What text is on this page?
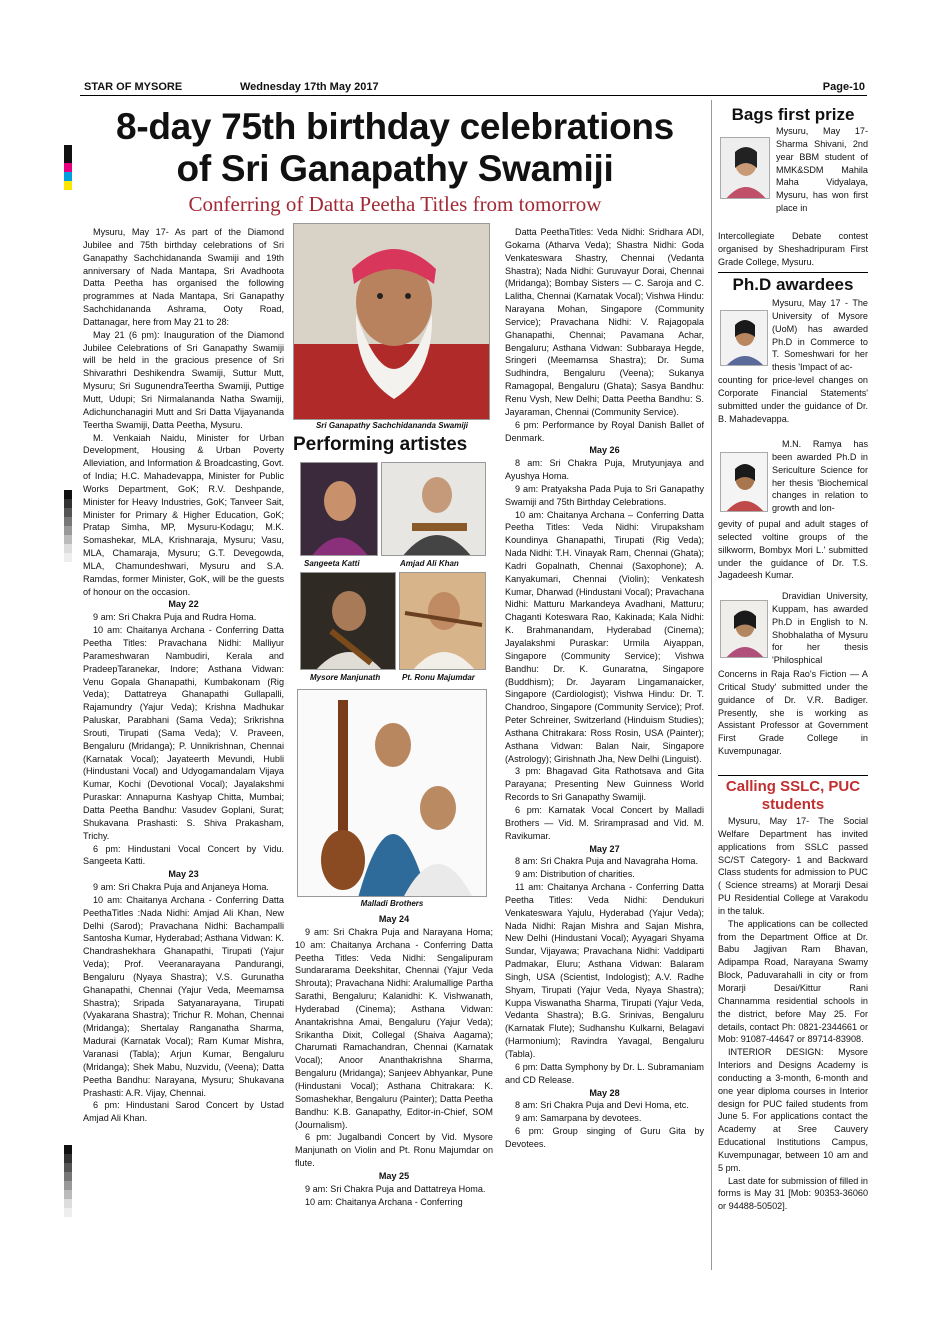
STAR OF MYSORE	Wednesday 17th May 2017	Page-10
8-day 75th birthday celebrations
of Sri Ganapathy Swamiji
Conferring of Datta Peetha Titles from tomorrow

Mysuru, May 17- As part of the Diamond Jubilee and 75th birthday celebrations of Sri Ganapathy Sachchidananda Swamiji and 19th anniversary of Nada Mantapa, Sri Avadhoota Datta Peetha has organised the following programmes at Nada Mantapa, Sri Ganapathy Sachchidananda Ashrama, Ooty Road, Dattanagar, here from May 21 to 28:

May 21 (6 pm): Inauguration of the Diamond Jubilee Celebrations of Sri Ganapathy Swamiji will be held in the gracious presence of Sri Shivarathri Deshikendra Swamiji, Suttur Mutt, Mysuru; Sri SugunendraTeertha Swamiji, Puttige Mutt, Udupi; Sri Nirmalananda Natha Swamiji, Adichunchanagiri Mutt and Sri Datta Vijayananda Teertha Swamiji, Datta Peetha, Mysuru.

M. Venkaiah Naidu, Minister for Urban Development, Housing & Urban Poverty Alleviation, and Information & Broadcasting, Govt. of India; H.C. Mahadevappa, Minister for Public Works Department, GoK; R.V. Deshpande, Minister for Heavy Industries, GoK; Tanveer Sait, Minister for Primary & Higher Education, GoK; Pratap Simha, MP, Mysuru-Kodagu; M.K. Somashekar, MLA, Krishnaraja, Mysuru; Vasu, MLA, Chamaraja, Mysuru; G.T. Devegowda, MLA, Chamundeshwari, Mysuru and S.A. Ramdas, former Minister, GoK, will be the guests of honour on the occasion.

May 22

9 am: Sri Chakra Puja and Rudra Homa.

10 am: Chaitanya Archana - Conferring Datta Peetha Titles: Pravachana Nidhi: Malliyur Parameshwaran Nambudiri, Kerala and PradeepTaranekar, Indore; Asthana Vidwan: Venu Gopala Ghanapathi, Kumbakonam (Rig Veda); Dattatreya Ghanapathi Gullapalli, Rajamundry (Yajur Veda); Krishna Madhukar Paluskar, Parabhani (Sama Veda); Srikrishna Srouti, Tirupati (Sama Veda); V. Praveen, Bengaluru (Mridanga); P. Unnikrishnan, Chennai (Karnatak Vocal); Jayateerth Mevundi, Hubli (Hindustani Vocal) and Udyogamandalam Vijaya Kumar, Kochi (Devotional Vocal); Jayalakshmi Puraskar: Annapurna Kashyap Chitta, Mumbai; Datta Peetha Bandhu: Vasudev Goplani, Surat; Shukavana Prashasti: S. Shiva Prakasham, Trichy.

6 pm: Hindustani Vocal Concert by Vidu. Sangeeta Katti.

May 23

9 am: Sri Chakra Puja and Anjaneya Homa.

10 am: Chaitanya Archana - Conferring Datta PeethaTitles :Nada Nidhi: Amjad Ali Khan, New Delhi (Sarod); Pravachana Nidhi: Bachampalli Santosha Kumar, Hyderabad; Asthana Vidwan: K. Chandrashekhara Ghanapathi, Tirupati (Yajur Veda); Prof. Veeranarayana Pandurangi, Bengaluru (Nyaya Shastra); V.S. Gurunatha Ghanapathi, Chennai (Yajur Veda, Meemamsa Shastra); Sripada Satyanarayana, Tirupati (Vyakarana Shastra); Trichur R. Mohan, Chennai (Mridanga); Shertalay Ranganatha Sharma, Madurai (Karnatak Vocal); Ram Kumar Mishra, Varanasi (Tabla); Arjun Kumar, Bengaluru (Mridanga); Shek Mabu, Nuzvidu, (Veena); Datta Peetha Bandhu: Narayana, Mysuru; Shukavana Prashasti: A.R. Vijay, Chennai.

6 pm: Hindustani Sarod Concert by Ustad Amjad Ali Khan.

Sri Ganapathy Sachchidananda Swamiji
Performing artistes
Sangeeta Katti	Amjad Ali Khan
Mysore Manjunath	Pt. Ronu Majumdar
Malladi Brothers

May 24

9 am: Sri Chakra Puja and Narayana Homa; 10 am: Chaitanya Archana - Conferring Datta Peetha Titles: Veda Nidhi: Sengalipuram Sundararama Deekshitar, Chennai (Yajur Veda Shrouta); Pravachana Nidhi: Aralumallige Partha Sarathi, Bengaluru; Kalanidhi: K. Vishwanath, Hyderabad (Cinema); Asthana Vidwan: Anantakrishna Amai, Bengaluru (Yajur Veda); Srikantha Dixit, Collegal (Shaiva Aagama); Charumati Ramachandran, Chennai (Karnatak Vocal); Anoor Ananthakrishna Sharma, Bengaluru (Mridanga); Sanjeev Abhyankar, Pune (Hindustani Vocal); Asthana Chitrakara: K. Somashekhar, Bengaluru (Painter); Datta Peetha Bandhu: K.B. Ganapathy, Editor-in-Chief, SOM (Journalism).

6 pm: Jugalbandi Concert by Vid. Mysore Manjunath on Violin and Pt. Ronu Majumdar on flute.

May 25

9 am: Sri Chakra Puja and Dattatreya Homa.

10 am: Chaitanya Archana - Conferring

Datta PeethaTitles: Veda Nidhi: Sridhara ADI, Gokarna (Atharva Veda); Shastra Nidhi: Goda Venkateswara Shastry, Chennai (Vedanta Shastra); Nada Nidhi: Guruvayur Dorai, Chennai (Mridanga); Bombay Sisters — C. Saroja and C. Lalitha, Chennai (Karnatak Vocal); Vishwa Hindu: Narayana Mohan, Singapore (Community Service); Pravachana Nidhi: V. Rajagopala Ghanapathi, Chennai; Pavamana Achar, Bengaluru; Asthana Vidwan: Subbaraya Hegde, Sringeri (Meemamsa Shastra); Dr. Suma Sudhindra, Bengaluru (Veena); Sukanya Ramagopal, Bengaluru (Ghata); Sasya Bandhu: Renu Vysh, New Delhi; Datta Peetha Bandhu: S. Jayaraman, Chennai (Community Service).

6 pm: Performance by Royal Danish Ballet of Denmark.

May 26

8 am: Sri Chakra Puja, Mrutyunjaya and Ayushya Homa.

9 am: Pratyaksha Pada Puja to Sri Ganapathy Swamiji and 75th Birthday Celebrations.

10 am: Chaitanya Archana – Conferring Datta Peetha Titles: Veda Nidhi: Virupaksham Koundinya Ghanapathi, Tirupati (Rig Veda); Nada Nidhi: T.H. Vinayak Ram, Chennai (Ghata); Kadri Gopalnath, Chennai (Saxophone); A. Kanyakumari, Chennai (Violin); Venkatesh Kumar, Dharwad (Hindustani Vocal); Pravachana Nidhi: Matturu Markandeya Avadhani, Matturu; Chaganti Koteswara Rao, Kakinada; Kala Nidhi: K. Brahmanandam, Hyderabad (Cinema); Jayalakshmi Puraskar: Urmila Aiyappan, Singapore (Community Service); Vishwa Bandhu: Dr. K. Gunaratna, Singapore (Buddhism); Dr. Jayaram Lingamanaicker, Singapore (Cardiologist); Vishwa Hindu: Dr. T. Chandroo, Singapore (Community Service); Prof. Peter Schreiner, Switzerland (Hinduism Studies); Asthana Chitrakara: Ross Rosin, USA (Painter); Asthana Vidwan: Balan Nair, Singapore (Astrology); Girishnath Jha, New Delhi (Linguist).

3 pm: Bhagavad Gita Rathotsava and Gita Parayana; Presenting New Guinness World Records to Sri Ganapathy Swamiji.

6 pm: Karnatak Vocal Concert by Malladi Brothers — Vid. M. Sriramprasad and Vid. M. Ravikumar.

May 27

8 am: Sri Chakra Puja and Navagraha Homa.

9 am: Distribution of charities.

11 am: Chaitanya Archana - Conferring Datta Peetha Titles: Veda Nidhi: Dendukuri Venkateswara Yajulu, Hyderabad (Yajur Veda); Nada Nidhi: Rajan Mishra and Sajan Mishra, New Delhi (Hindustani Vocal); Ayyagari Shyama Sundar, Vijayawa; Pravachana Nidhi: Vaddiparti Padmakar, Eluru; Asthana Vidwan: Balaram Singh, USA (Scientist, Indologist); A.V. Radhe Shyam, Tirupati (Yajur Veda, Nyaya Shastra); Kuppa Viswanatha Sharma, Tirupati (Yajur Veda, Vedanta Shastra); B.G. Srinivas, Bengaluru (Karnatak Flute); Sudhanshu Kulkarni, Belagavi (Harmonium); Ravindra Yavagal, Bengaluru (Tabla).

6 pm: Datta Symphony by Dr. L. Subramaniam and CD Release.

May 28

8 am: Sri Chakra Puja and Devi Homa, etc.

9 am: Samarpana by devotees.

6 pm: Group singing of Guru Gita by Devotees.

Bags first prize
Mysuru, May 17- Sharma Shivani, 2nd year BBM student of MMK&SDM Mahila Maha Vidyalaya, Mysuru, has won first place in
Intercollegiate Debate contest organised by Sheshadripuram First Grade College, Mysuru.
Ph.D awardees
Mysuru, May 17 - The University of Mysore (UoM) has awarded Ph.D in Commerce to T. Someshwari for her thesis 'Impact of ac-
counting for price-level changes on Corporate Financial Statements' submitted under the guidance of Dr. B. Mahadevappa.

M.N. Ramya has been awarded Ph.D in Sericulture Science for her thesis 'Biochemical changes in relation to growth and lon-

gevity of pupal and adult stages of selected voltine groups of the silkworm, Bombyx Mori L.' submitted under the guidance of Dr. T.S. Jagadeesh Kumar.

Dravidian University, Kuppam, has awarded Ph.D in English to N. Shobhalatha of Mysuru for her thesis 'Philosphical

Concerns in Raja Rao's Fiction — A Critical Study' submitted under the guidance of Dr. V.R. Badiger. Presently, she is working as Assistant Professor at Government First Grade College in Kuvempunagar.
Calling SSLC, PUC
students

Mysuru, May 17- The Social Welfare Department has invited applications from SSLC passed SC/ST Category- 1 and Backward Class students for admission to PUC ( Science streams) at Morarji Desai PU Residential College at Varakodu in the taluk.

The applications can be collected from the Department Office at Dr. Babu Jagjivan Ram Bhavan, Adipampa Road, Narayana Swamy Block, Paduvarahalli in city or from Morarji Desai/Kittur Rani Channamma residential schools in the district, before May 25. For details, contact Ph: 0821-2344661 or Mob: 91087-44647 or 89714-83908.

INTERIOR DESIGN: Mysore Interiors and Designs Academy is conducting a 3-month, 6-month and one year diploma courses in Interior design for PUC failed students from June 5. For applications contact the Academy at Sree Cauvery Educational Institutions Campus, Kuvempunagar, between 10 am and 5 pm.

Last date for submission of filled in forms is May 31 [Mob: 90353-36060 or 94488-50502].
